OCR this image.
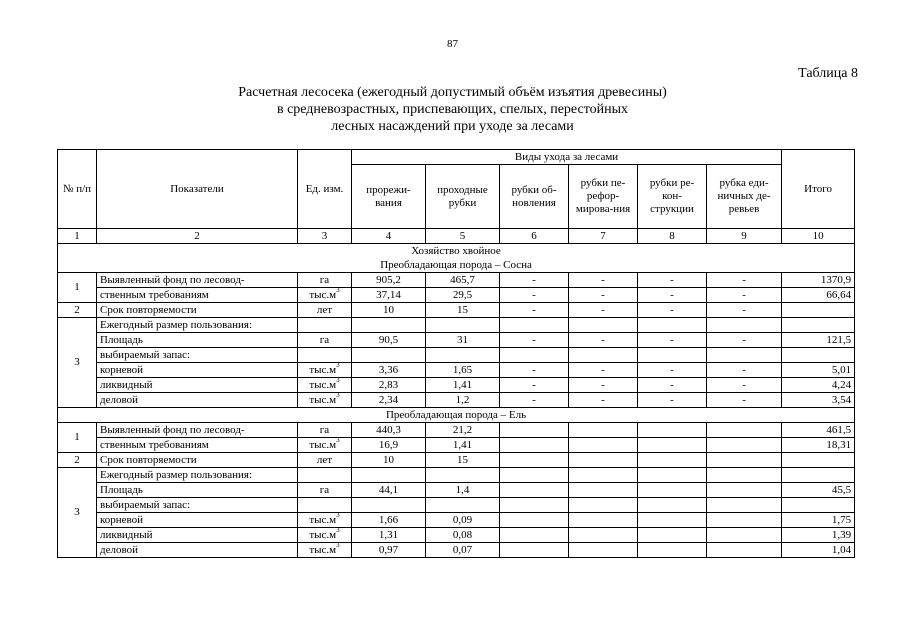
87
Таблица 8
Расчетная лесосека (ежегодный допустимый объём изъятия древесины)
в средневозрастных, приспевающих, спелых, перестойных
лесных насаждений при уходе за лесами
№ п/п	Показатели	Ед. изм.	Виды ухода за лесами						Итого
			прорежи-вания	проходные рубки	рубки об-новления	рубки пе-рефор-мирова-ния	рубки ре-кон-струкции	рубка еди-ничных де-ревьев	
1	2	3	4	5	6	7	8	9	10

Хозяйство хвойное
Преобладающая порода – Сосна									

1	Выявленный фонд по лесовод-	га	905,2	465,7	-	-	-	-	1370,9
	ственным требованиям	$тыс.м^3$	37,14	29,5	-	-	-	-	66,64
2	Срок повторяемости	лет	10	15	-	-	-	-	
3	Ежегодный размер пользования:								
	Площадь	га	90,5	31	-	-	-	-	121,5
	выбираемый запас:								
	корневой	$тыс.м^3$	3,36	1,65	-	-	-	-	5,01
	ликвидный	$тыс.м^3$	2,83	1,41	-	-	-	-	4,24
	деловой	$тыс.м^3$	2,34	1,2	-	-	-	-	3,54
Преобладающая порода – Ель									
1	Выявленный фонд по лесовод-	га	440,3	21,2					461,5
	ственным требованиям	$тыс.м^3$	16,9	1,41					18,31
2	Срок повторяемости	лет	10	15					
3	Ежегодный размер пользования:								
	Площадь	га	44,1	1,4					45,5
	выбираемый запас:								
	корневой	$тыс.м^3$	1,66	0,09					1,75
	ликвидный	$тыс.м^3$	1,31	0,08					1,39
	деловой	$тыс.м^3$	0,97	0,07					1,04
